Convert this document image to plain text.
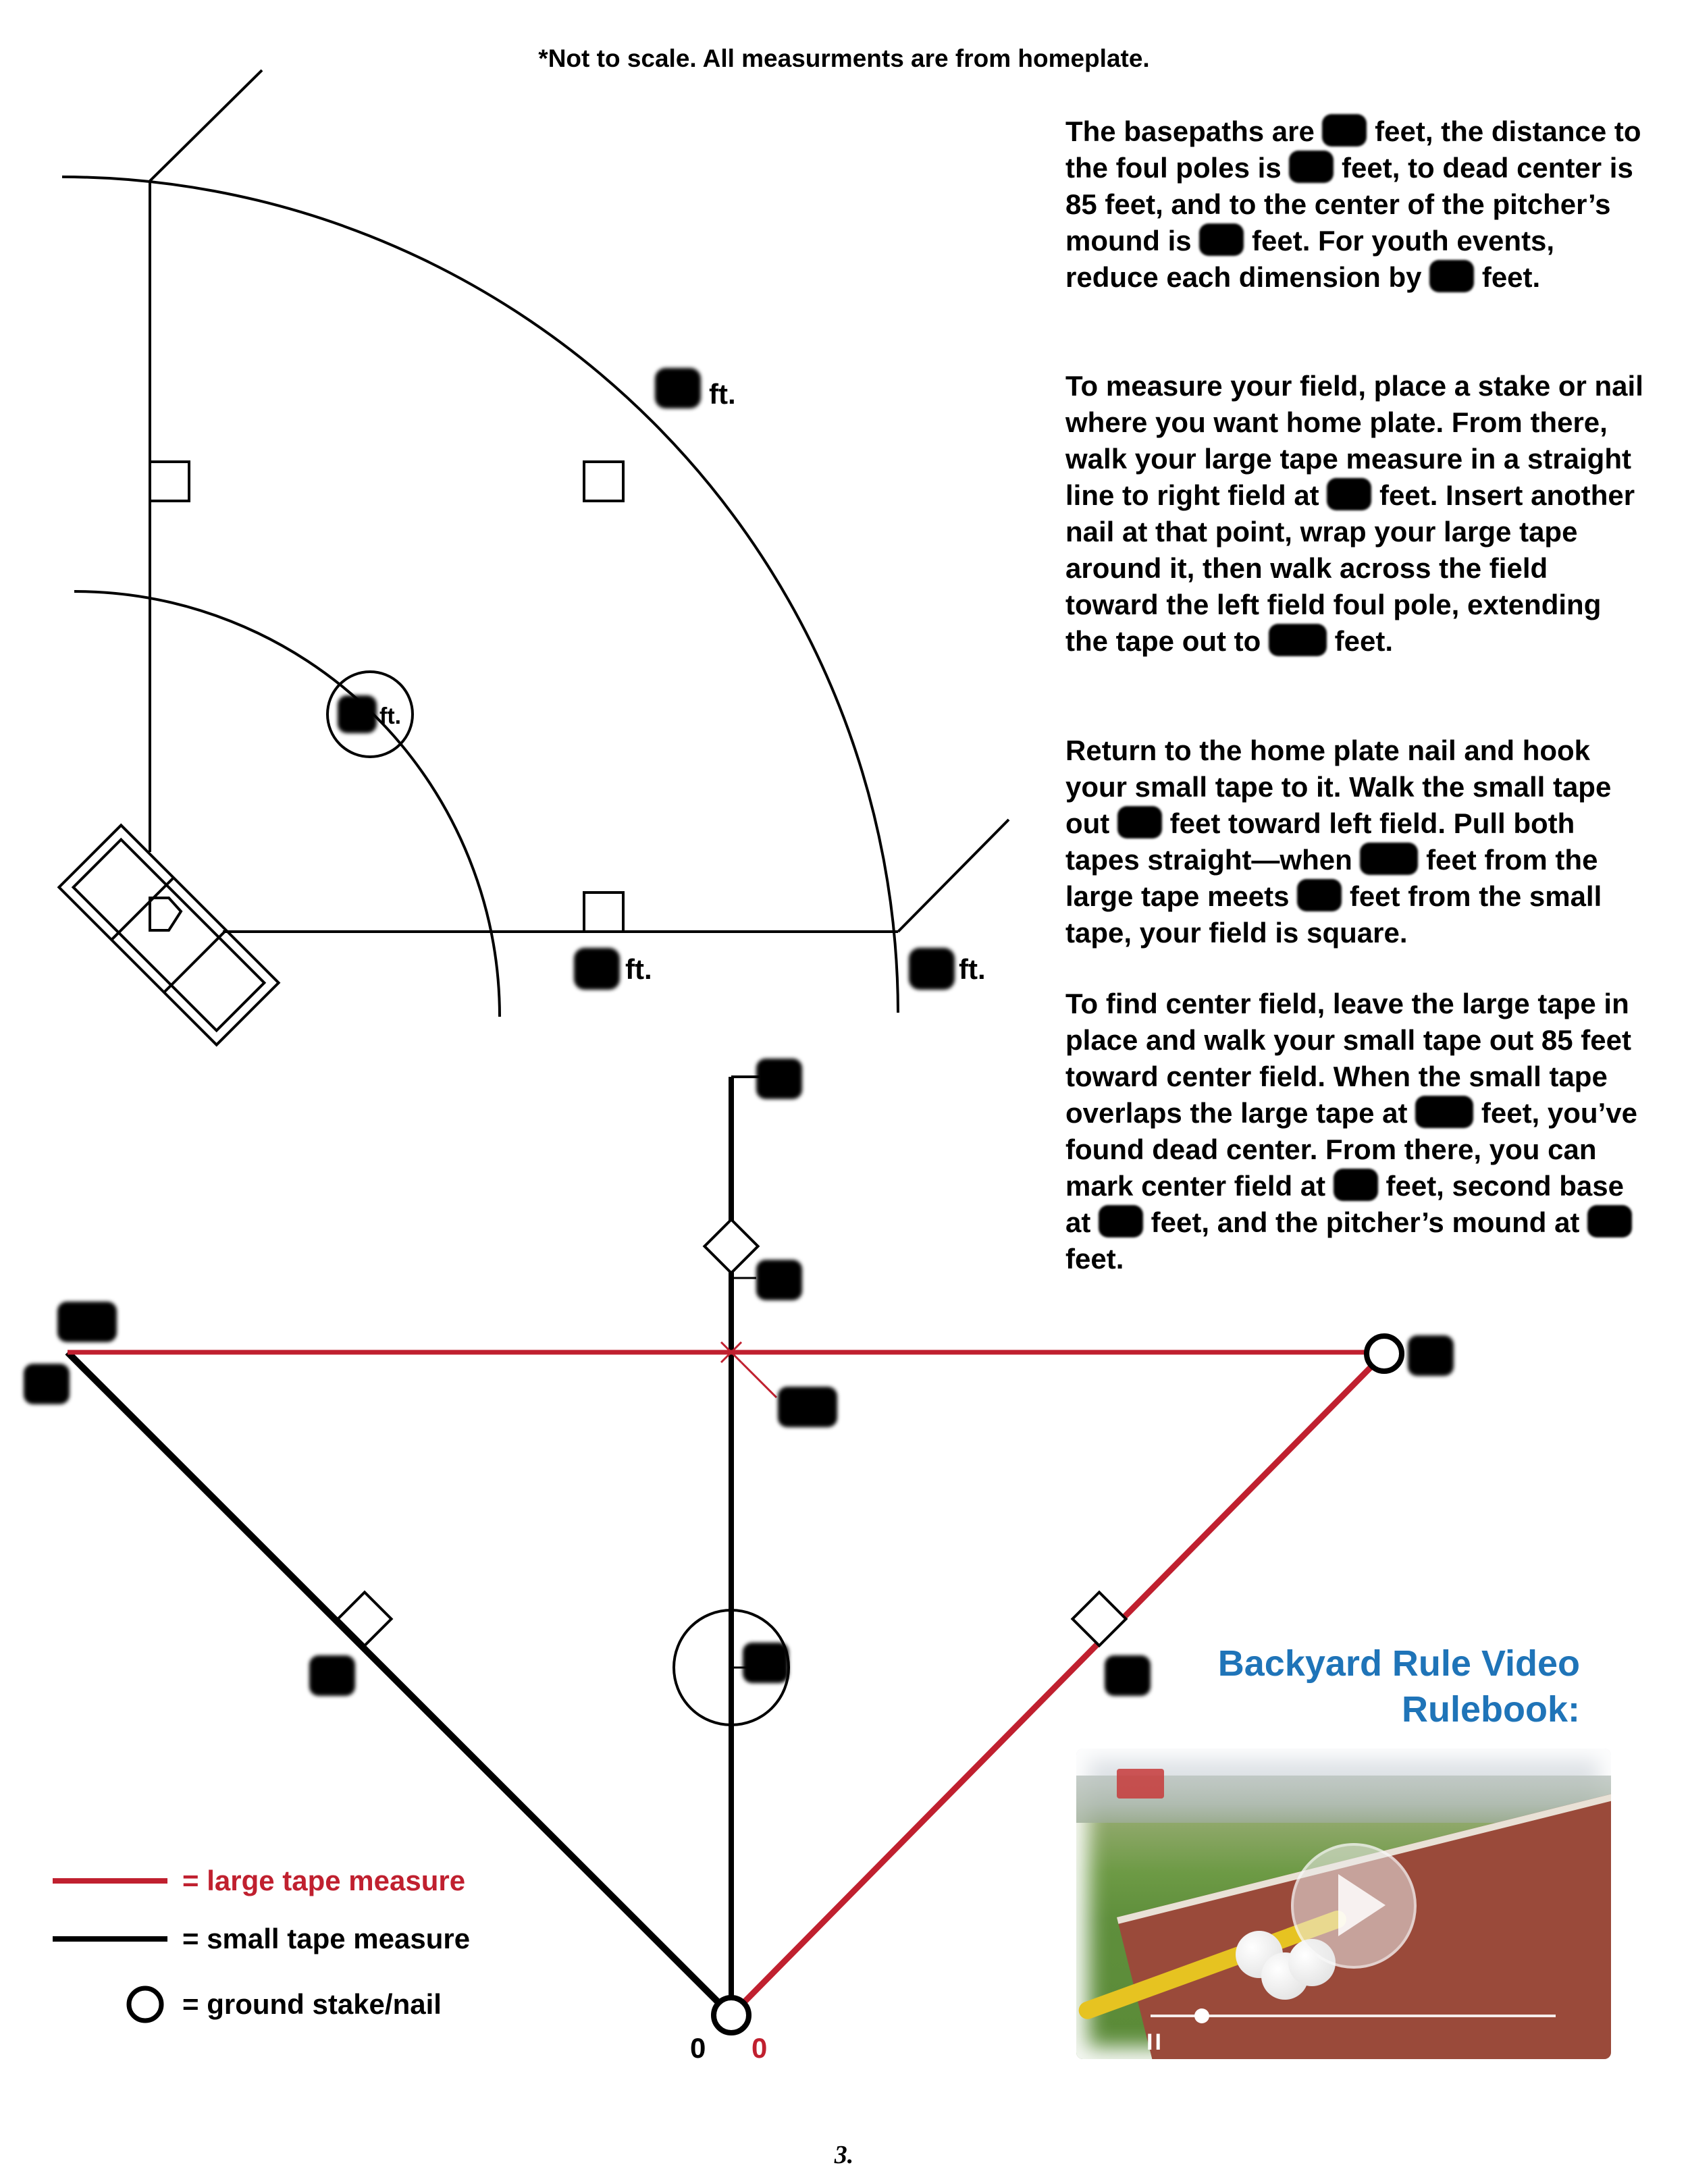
*Not to scale. All measurments are from homeplate.

The basepaths are  feet, the distance to the foul poles is  feet, to dead center is 85 feet, and to the center of the pitcher’s mound is  feet. For youth events, reduce each dimension by  feet.

To measure your field, place a stake or nail where you want home plate. From there, walk your large tape measure in a straight line to right field at  feet. Insert another nail at that point, wrap your large tape around it, then walk across the field toward the left field foul pole, extending the tape out to  feet.

Return to the home plate nail and hook your small tape to it. Walk the small tape out  feet toward left field. Pull both tapes straight—when  feet from the large tape meets  feet from the small tape, your field is square.

To find center field, leave the large tape in place and walk your small tape out 85 feet toward center field. When the small tape overlaps the large tape at  feet, you’ve found dead center. From there, you can mark center field at  feet, second base at  feet, and the pitcher’s mound at  feet.

ft.
ft.
ft.	ft.
0 0
= large tape measure
= small tape measure
= ground stake/nail
Backyard Rule Video Rulebook:
II
3.
